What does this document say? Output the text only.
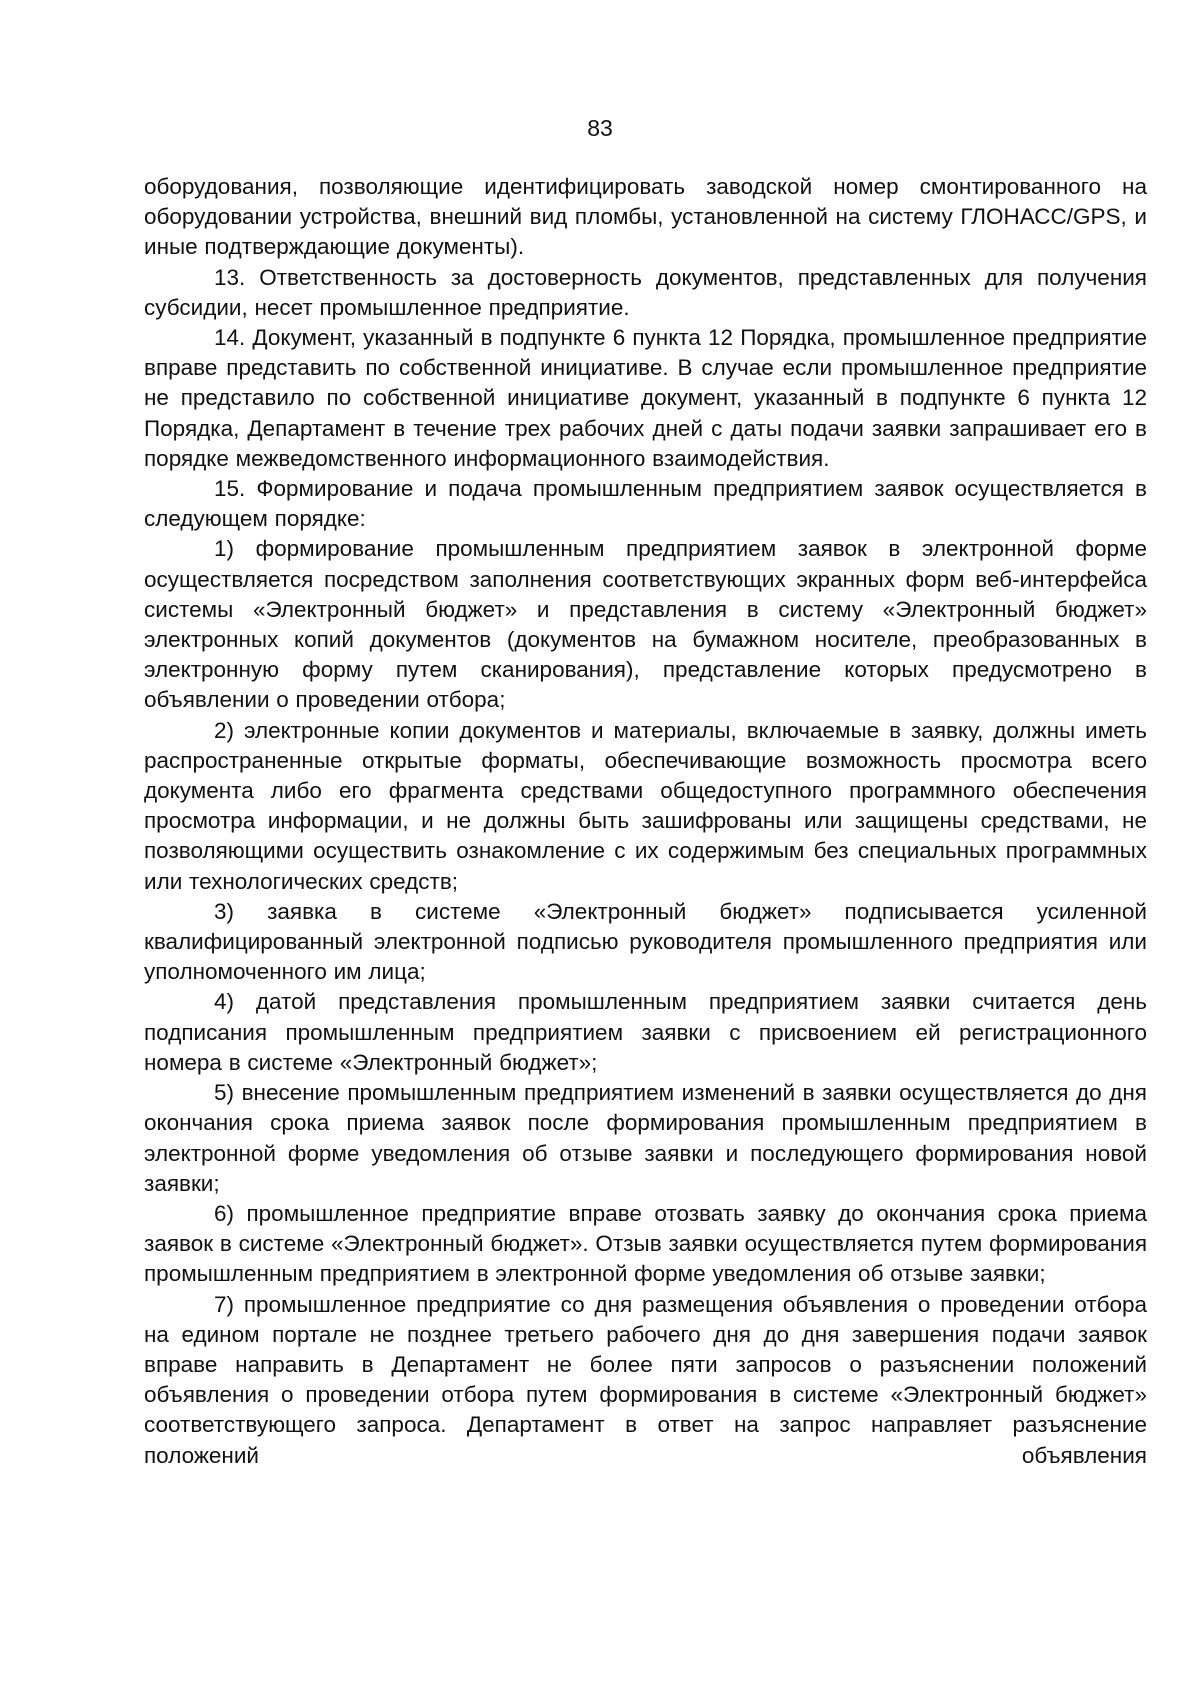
83

оборудования, позволяющие идентифицировать заводской номер смонтированного на оборудовании устройства, внешний вид пломбы, установленной на систему ГЛОНАСС/GPS, и иные подтверждающие документы).

13. Ответственность за достоверность документов, представленных для получения субсидии, несет промышленное предприятие.

14. Документ, указанный в подпункте 6 пункта 12 Порядка, промышленное предприятие вправе представить по собственной инициативе. В случае если промышленное предприятие не представило по собственной инициативе документ, указанный в подпункте 6 пункта 12 Порядка, Департамент в течение трех рабочих дней с даты подачи заявки запрашивает его в порядке межведомственного информационного взаимодействия.

15. Формирование и подача промышленным предприятием заявок осуществляется в следующем порядке:

1) формирование промышленным предприятием заявок в электронной форме осуществляется посредством заполнения соответствующих экранных форм веб-интерфейса системы «Электронный бюджет» и представления в систему «Электронный бюджет» электронных копий документов (документов на бумажном носителе, преобразованных в электронную форму путем сканирования), представление которых предусмотрено в объявлении о проведении отбора;

2) электронные копии документов и материалы, включаемые в заявку, должны иметь распространенные открытые форматы, обеспечивающие возможность просмотра всего документа либо его фрагмента средствами общедоступного программного обеспечения просмотра информации, и не должны быть зашифрованы или защищены средствами, не позволяющими осуществить ознакомление с их содержимым без специальных программных или технологических средств;

3) заявка в системе «Электронный бюджет» подписывается усиленной квалифицированный электронной подписью руководителя промышленного предприятия или уполномоченного им лица;

4) датой представления промышленным предприятием заявки считается день подписания промышленным предприятием заявки с присвоением ей регистрационного номера в системе «Электронный бюджет»;

5) внесение промышленным предприятием изменений в заявки осуществляется до дня окончания срока приема заявок после формирования промышленным предприятием в электронной форме уведомления об отзыве заявки и последующего формирования новой заявки;

6) промышленное предприятие вправе отозвать заявку до окончания срока приема заявок в системе «Электронный бюджет». Отзыв заявки осуществляется путем формирования промышленным предприятием в электронной форме уведомления об отзыве заявки;

7) промышленное предприятие со дня размещения объявления о проведении отбора на едином портале не позднее третьего рабочего дня до дня завершения подачи заявок вправе направить в Департамент не более пяти запросов о разъяснении положений объявления о проведении отбора путем формирования в системе «Электронный бюджет» соответствующего запроса. Департамент в ответ на запрос направляет разъяснение положений объявления
